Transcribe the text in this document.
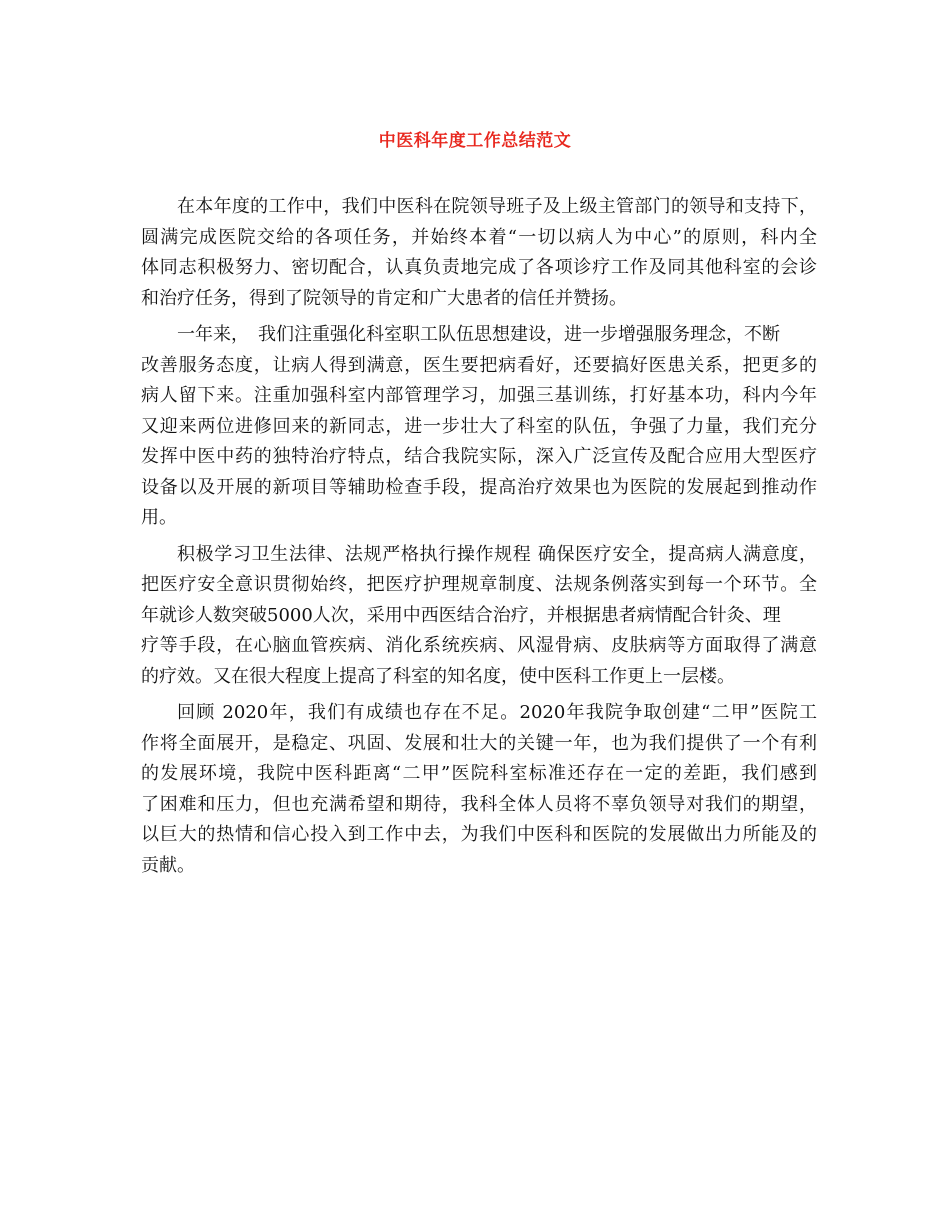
中医科年度工作总结范文
在本年度的工作中，我们中医科在院领导班子及上级主管部门的领导和支持下，
圆满完成医院交给的各项任务，并始终本着“一切以病人为中心”的原则，科内全
体同志积极努力、密切配合，认真负责地完成了各项诊疗工作及同其他科室的会诊
和治疗任务，得到了院领导的肯定和广大患者的信任并赞扬。
一年来，　我们注重强化科室职工队伍思想建设，进一步增强服务理念，不断
改善服务态度，让病人得到满意，医生要把病看好，还要搞好医患关系，把更多的
病人留下来。注重加强科室内部管理学习，加强三基训练，打好基本功，科内今年
又迎来两位进修回来的新同志，进一步壮大了科室的队伍，争强了力量，我们充分
发挥中医中药的独特治疗特点，结合我院实际，深入广泛宣传及配合应用大型医疗
设备以及开展的新项目等辅助检查手段，提高治疗效果也为医院的发展起到推动作
用。
积极学习卫生法律、法规严格执行操作规程 确保医疗安全，提高病人满意度，
把医疗安全意识贯彻始终，把医疗护理规章制度、法规条例落实到每一个环节。全
年就诊人数突破5000人次，采用中西医结合治疗，并根据患者病情配合针灸、理
疗等手段，在心脑血管疾病、消化系统疾病、风湿骨病、皮肤病等方面取得了满意
的疗效。又在很大程度上提高了科室的知名度，使中医科工作更上一层楼。
回顾 2020年，我们有成绩也存在不足。2020年我院争取创建“二甲”医院工
作将全面展开，是稳定、巩固、发展和壮大的关键一年，也为我们提供了一个有利
的发展环境，我院中医科距离“二甲”医院科室标准还存在一定的差距，我们感到
了困难和压力，但也充满希望和期待，我科全体人员将不辜负领导对我们的期望，
以巨大的热情和信心投入到工作中去，为我们中医科和医院的发展做出力所能及的
贡献。
